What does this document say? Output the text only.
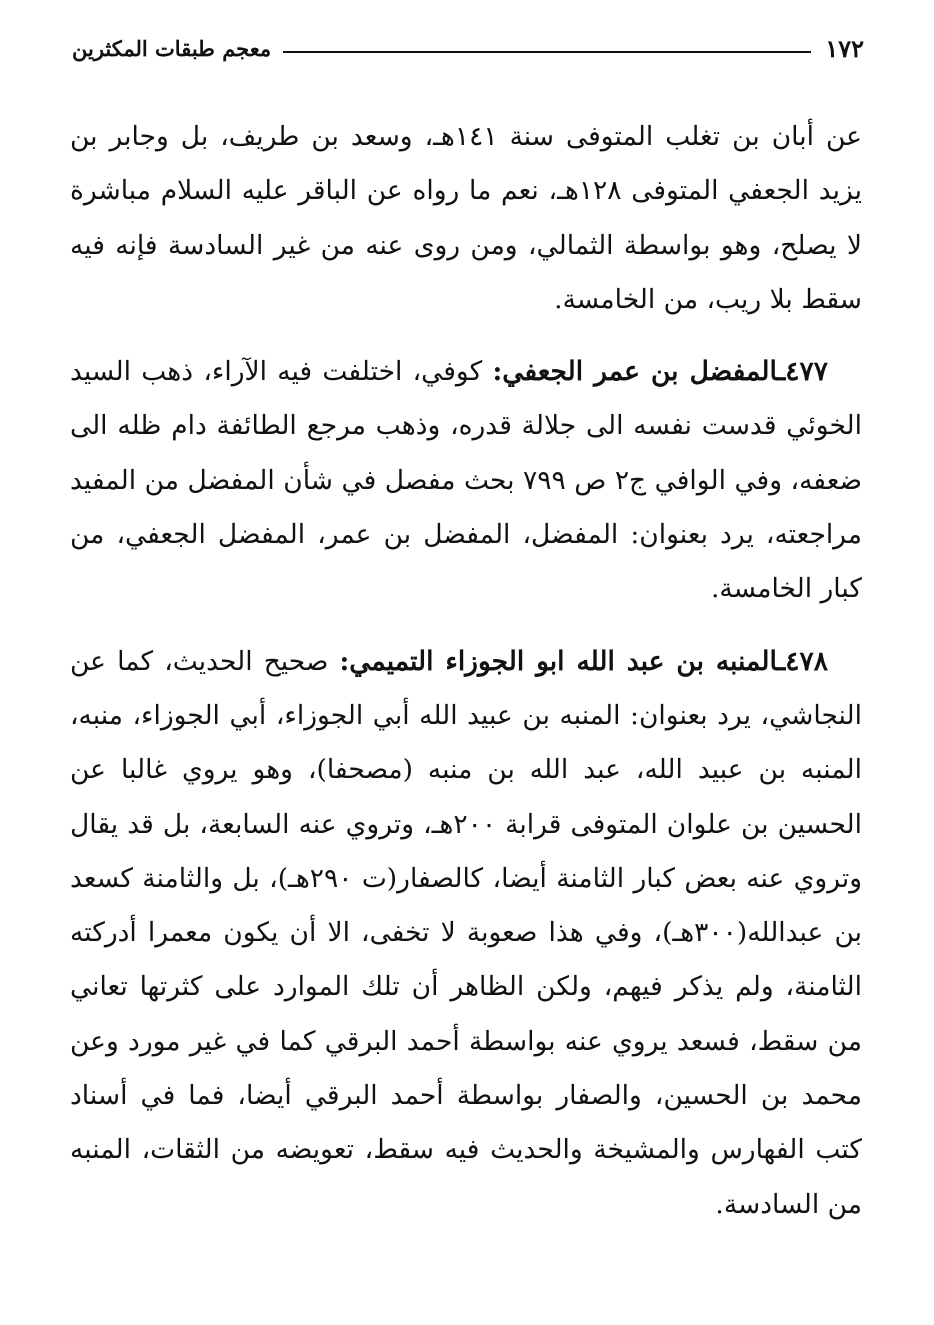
١٧٢
معجم طبقات المكثرين

عن أبان بن تغلب المتوفى سنة ١٤١هـ، وسعد بن طريف، بل وجابر بن يزيد الجعفي المتوفى ١٢٨هـ، نعم ما رواه عن الباقر عليه السلام مباشرة لا يصلح، وهو بواسطة الثمالي، ومن روى عنه من غير السادسة فإنه فيه سقط بلا ريب، من الخامسة.

٤٧٧ـالمفضل بن عمر الجعفي: كوفي، اختلفت فيه الآراء، ذهب السيد الخوئي قدست نفسه الى جلالة قدره، وذهب مرجع الطائفة دام ظله الى ضعفه، وفي الوافي ج٢ ص ٧٩٩ بحث مفصل في شأن المفضل من المفيد مراجعته، يرد بعنوان: المفضل، المفضل بن عمر، المفضل الجعفي، من كبار الخامسة.

٤٧٨ـالمنبه بن عبد الله ابو الجوزاء التميمي: صحيح الحديث، كما عن النجاشي، يرد بعنوان: المنبه بن عبيد الله أبي الجوزاء، أبي الجوزاء، منبه، المنبه بن عبيد الله، عبد الله بن منبه (مصحفا)، وهو يروي غالبا عن الحسين بن علوان المتوفى قرابة ٢٠٠هـ، وتروي عنه السابعة، بل قد يقال وتروي عنه بعض كبار الثامنة أيضا، كالصفار(ت ٢٩٠هـ)، بل والثامنة كسعد بن عبدالله(٣٠٠هـ)، وفي هذا صعوبة لا تخفى، الا أن يكون معمرا أدركته الثامنة، ولم يذكر فيهم، ولكن الظاهر أن تلك الموارد على كثرتها تعاني من سقط، فسعد يروي عنه بواسطة أحمد البرقي كما في غير مورد وعن محمد بن الحسين، والصفار بواسطة أحمد البرقي أيضا، فما في أسناد كتب الفهارس والمشيخة والحديث فيه سقط، تعويضه من الثقات، المنبه من السادسة.
